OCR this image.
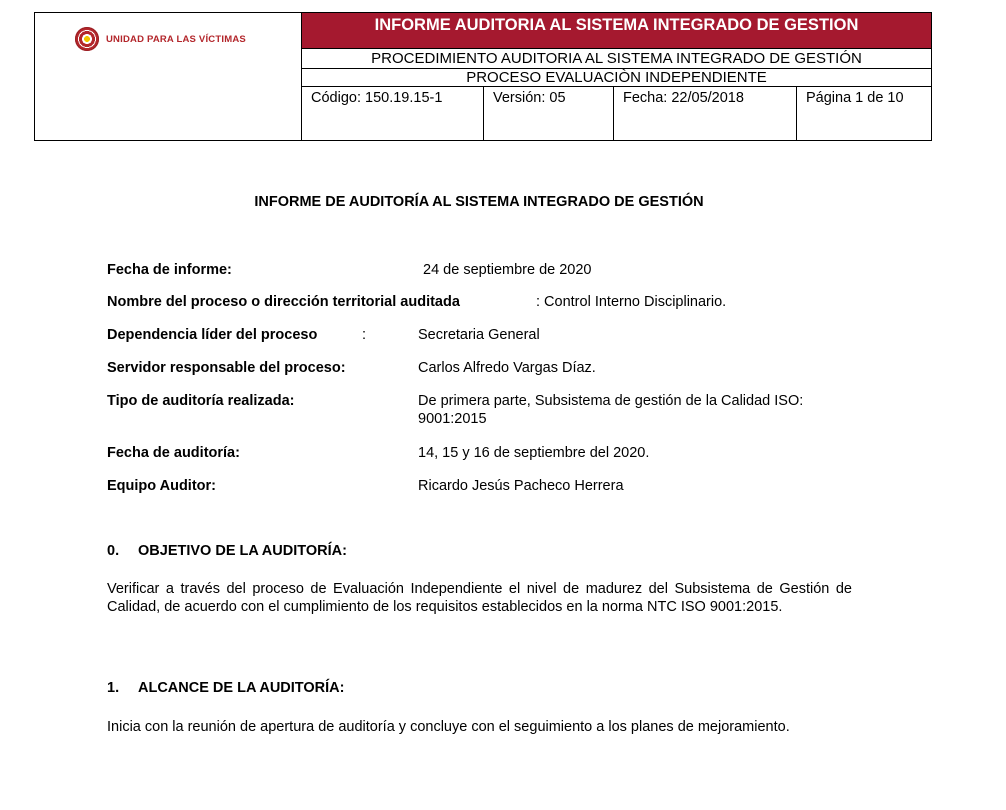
UNIDAD PARA LAS VÍCTIMAS
INFORME AUDITORIA AL SISTEMA INTEGRADO DE GESTION
PROCEDIMIENTO AUDITORIA AL SISTEMA INTEGRADO DE GESTIÓN
PROCESO EVALUACIÒN INDEPENDIENTE
Código: 150.19.15-1	Versión: 05	Fecha: 22/05/2018	Página 1 de 10
INFORME DE AUDITORÍA AL SISTEMA INTEGRADO DE GESTIÓN
Fecha de informe:	24 de septiembre de 2020
Nombre del proceso o dirección territorial auditada	: Control Interno Disciplinario.
Dependencia líder del proceso	:	Secretaria General
Servidor responsable del proceso:	Carlos Alfredo Vargas Díaz.
Tipo de auditoría realizada:	De primera parte, Subsistema de gestión de la Calidad ISO: 9001:2015
Fecha de auditoría:	14, 15 y 16 de septiembre del 2020.
Equipo Auditor:	Ricardo Jesús Pacheco Herrera
0. OBJETIVO DE LA AUDITORÍA:
Verificar a través del proceso de Evaluación Independiente el nivel de madurez del Subsistema de Gestión de Calidad, de acuerdo con el cumplimiento de los requisitos establecidos en la norma NTC ISO 9001:2015.
1. ALCANCE DE LA AUDITORÍA:
Inicia con la reunión de apertura de auditoría y concluye con el seguimiento a los planes de mejoramiento.
